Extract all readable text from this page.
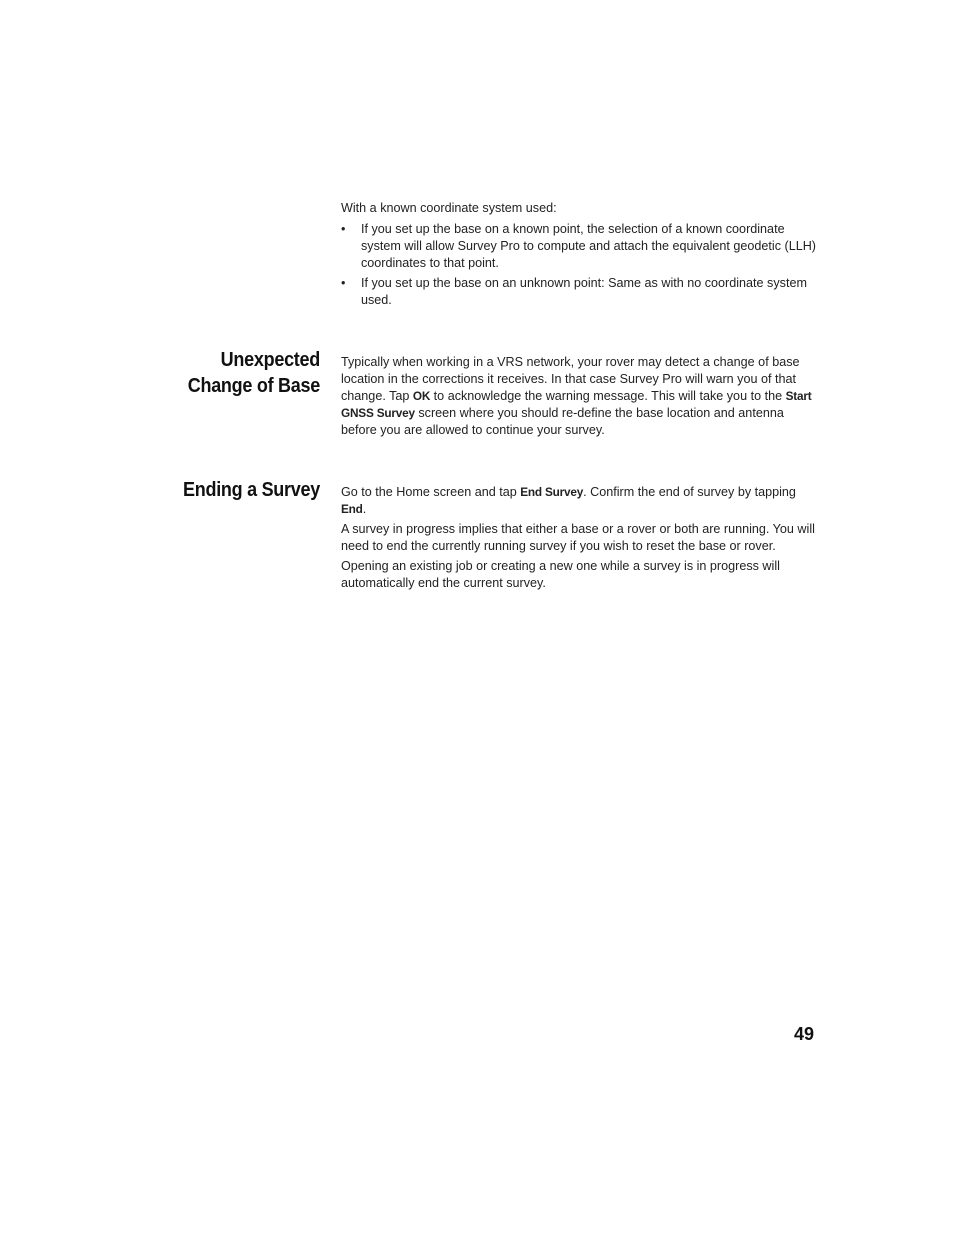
With a known coordinate system used:

• If you set up the base on a known point, the selection of a known coordinate system will allow Survey Pro to compute and attach the equivalent geodetic (LLH) coordinates to that point.
• If you set up the base on an unknown point: Same as with no coordinate system used.
Unexpected
Change of Base

Typically when working in a VRS network, your rover may detect a change of base location in the corrections it receives. In that case Survey Pro will warn you of that change. Tap OK to acknowledge the warning message. This will take you to the Start GNSS Survey screen where you should re-define the base location and antenna before you are allowed to continue your survey.

Ending a Survey Go to the Home screen and tap End Survey. Confirm the end of survey by tapping End.

A survey in progress implies that either a base or a rover or both are running. You will need to end the currently running survey if you wish to reset the base or rover.

Opening an existing job or creating a new one while a survey is in progress will automatically end the current survey.

49
